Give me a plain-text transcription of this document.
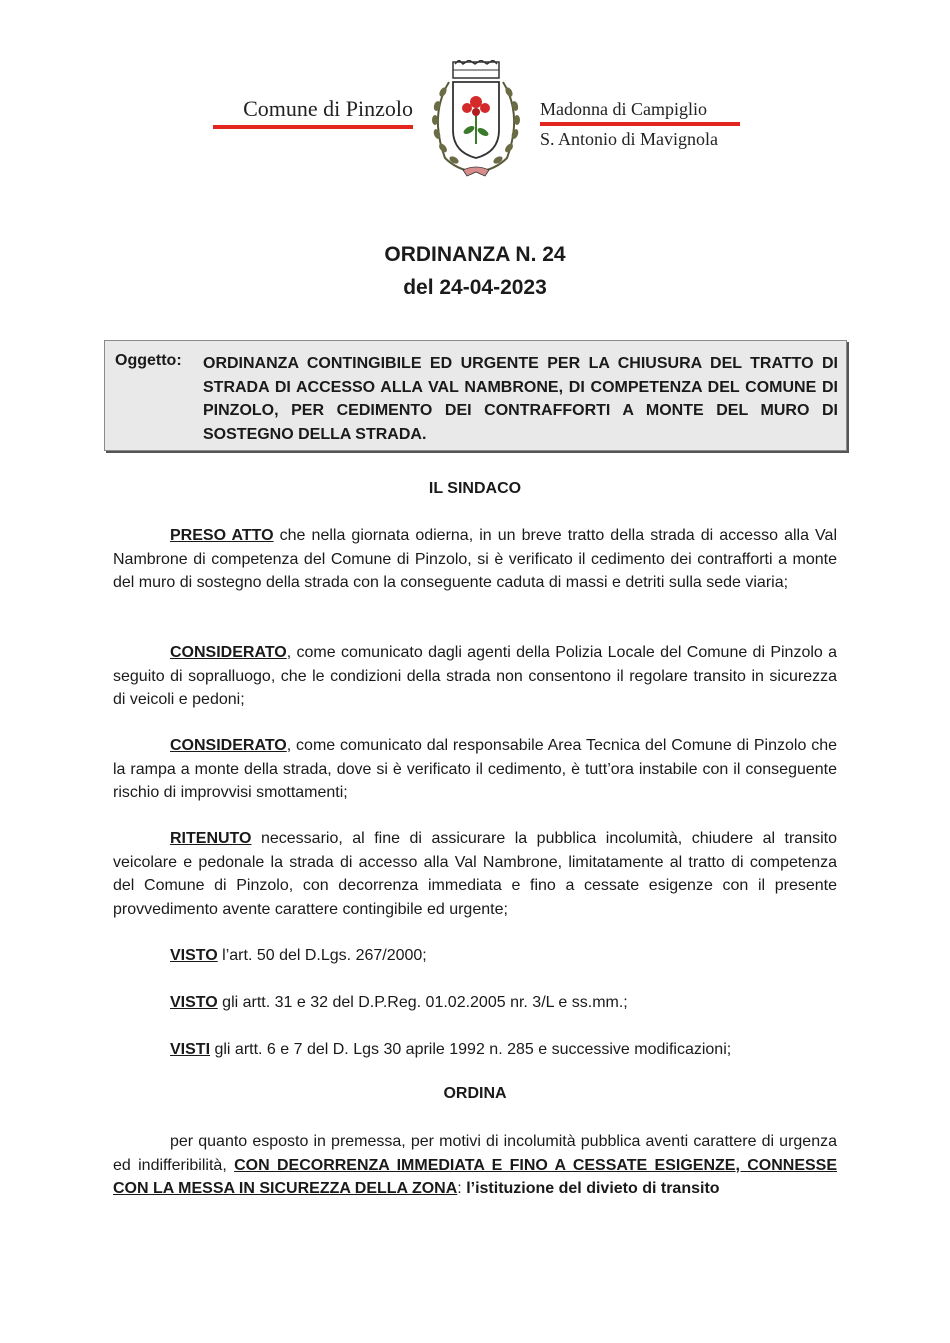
Comune di Pinzolo	Madonna di Campiglio
S. Antonio di Mavignola
ORDINANZA N. 24
del 24-04-2023
Oggetto: ORDINANZA CONTINGIBILE ED URGENTE PER LA CHIUSURA DEL TRATTO DI STRADA DI ACCESSO ALLA VAL NAMBRONE, DI COMPETENZA DEL COMUNE DI PINZOLO, PER CEDIMENTO DEI CONTRAFFORTI A MONTE DEL MURO DI SOSTEGNO DELLA STRADA.
IL SINDACO
PRESO ATTO che nella giornata odierna, in un breve tratto della strada di accesso alla Val Nambrone di competenza del Comune di Pinzolo, si è verificato il cedimento dei contrafforti a monte del muro di sostegno della strada con la conseguente caduta di massi e detriti sulla sede viaria;
CONSIDERATO, come comunicato dagli agenti della Polizia Locale del Comune di Pinzolo a seguito di sopralluogo, che le condizioni della strada non consentono il regolare transito in sicurezza di veicoli e pedoni;
CONSIDERATO, come comunicato dal responsabile Area Tecnica del Comune di Pinzolo che la rampa a monte della strada, dove si è verificato il cedimento, è tutt’ora instabile con il conseguente rischio di improvvisi smottamenti;
RITENUTO necessario, al fine di assicurare la pubblica incolumità, chiudere al transito veicolare e pedonale la strada di accesso alla Val Nambrone, limitatamente al tratto di competenza del Comune di Pinzolo, con decorrenza immediata e fino a cessate esigenze con il presente provvedimento avente carattere contingibile ed urgente;
VISTO l’art. 50 del D.Lgs. 267/2000;
VISTO gli artt. 31 e 32 del D.P.Reg. 01.02.2005 nr. 3/L e ss.mm.;
VISTI gli artt. 6 e 7 del D. Lgs 30 aprile 1992 n. 285 e successive modificazioni;
ORDINA
per quanto esposto in premessa, per motivi di incolumità pubblica aventi carattere di urgenza ed indifferibilità, CON DECORRENZA IMMEDIATA E FINO A CESSATE ESIGENZE, CONNESSE CON LA MESSA IN SICUREZZA DELLA ZONA: l’istituzione del divieto di transito
